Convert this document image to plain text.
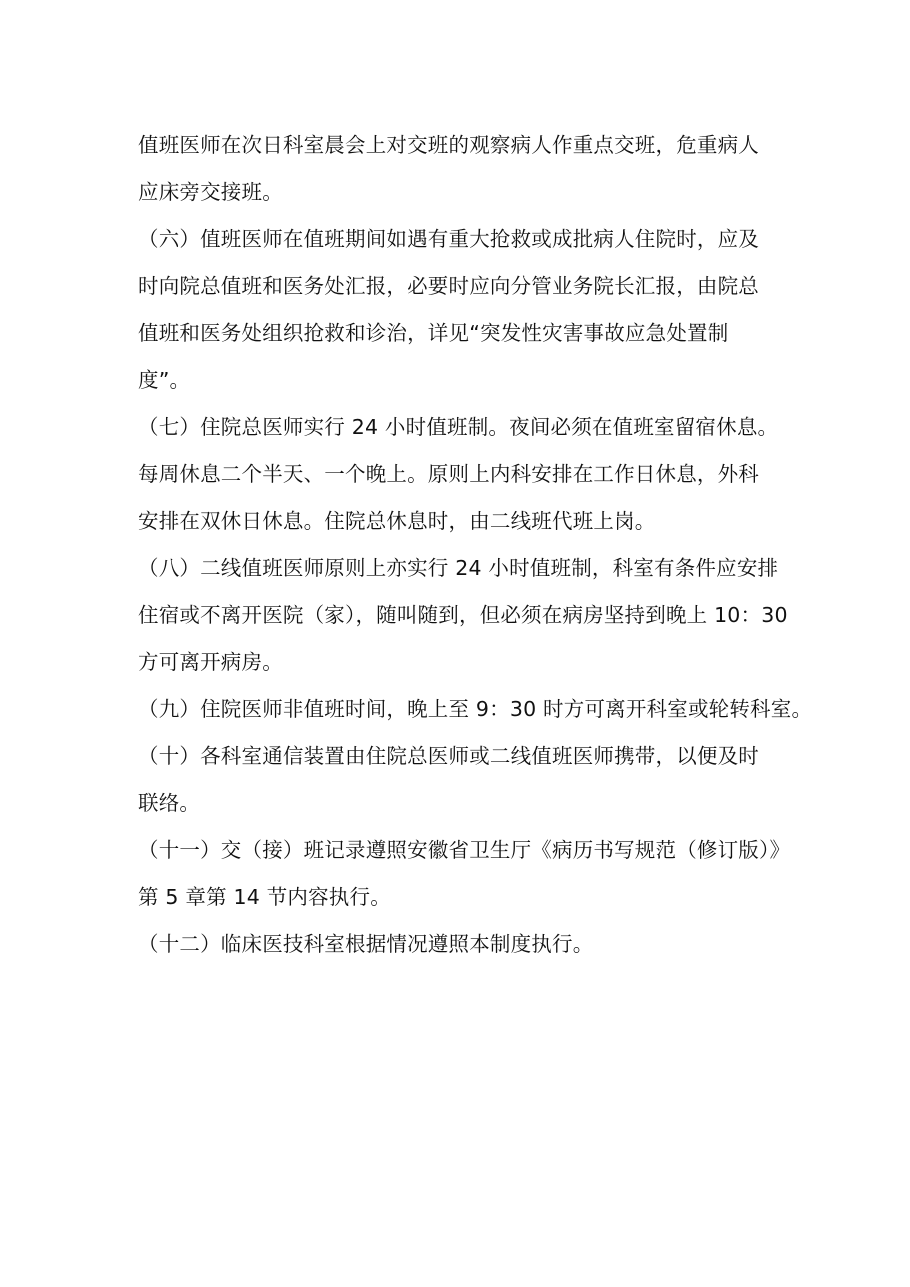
值班医师在次日科室晨会上对交班的观察病人作重点交班，危重病人
应床旁交接班。
（六）值班医师在值班期间如遇有重大抢救或成批病人住院时，应及
时向院总值班和医务处汇报，必要时应向分管业务院长汇报，由院总
值班和医务处组织抢救和诊治，详见“突发性灾害事故应急处置制
度”。
（七）住院总医师实行 24 小时值班制。夜间必须在值班室留宿休息。
每周休息二个半天、一个晚上。原则上内科安排在工作日休息，外科
安排在双休日休息。住院总休息时，由二线班代班上岗。
（八）二线值班医师原则上亦实行 24 小时值班制，科室有条件应安排
住宿或不离开医院（家），随叫随到，但必须在病房坚持到晚上 10：30
方可离开病房。
（九）住院医师非值班时间，晚上至 9：30 时方可离开科室或轮转科室。
（十）各科室通信装置由住院总医师或二线值班医师携带，以便及时
联络。
（十一）交（接）班记录遵照安徽省卫生厅《病历书写规范（修订版）》
第 5 章第 14 节内容执行。
（十二）临床医技科室根据情况遵照本制度执行。
